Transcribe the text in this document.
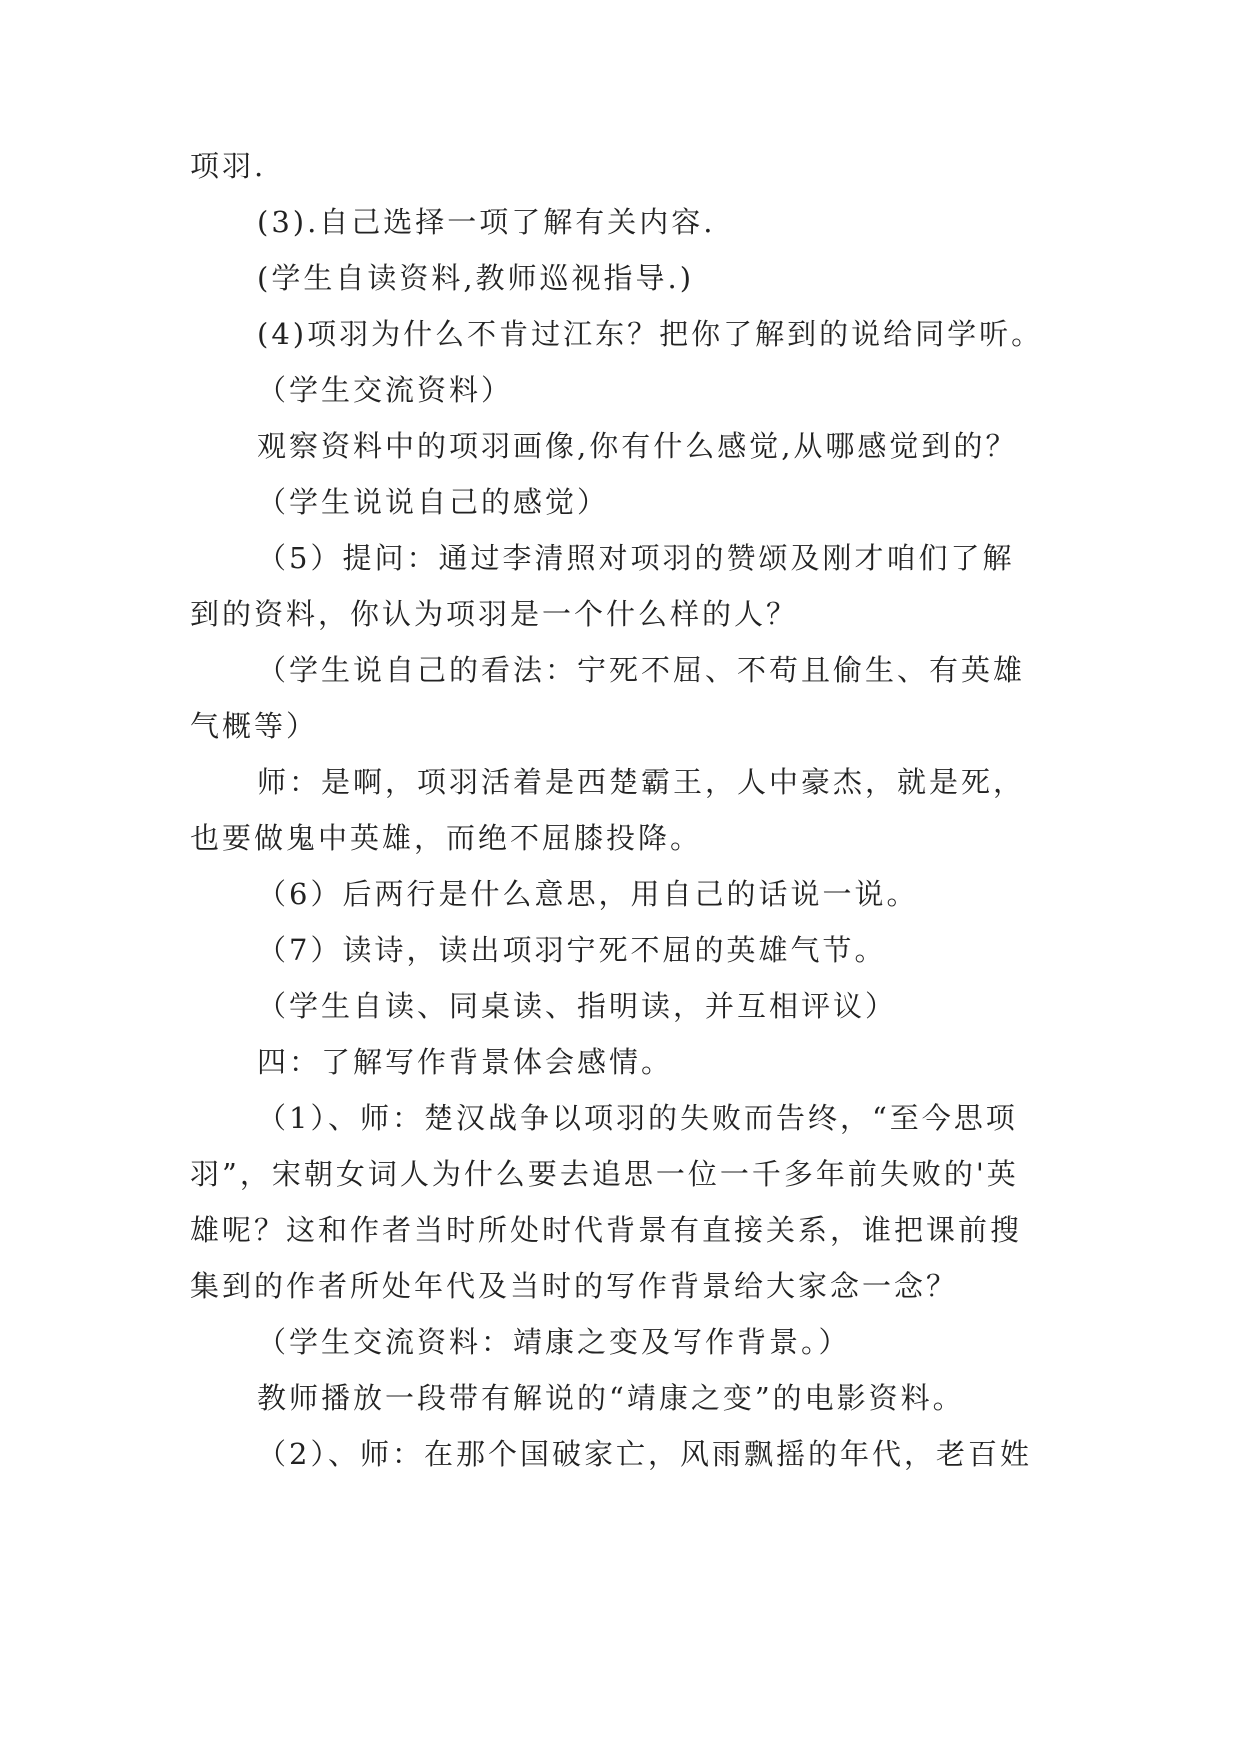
项羽.
(3).自己选择一项了解有关内容.
(学生自读资料,教师巡视指导.)
(4)项羽为什么不肯过江东？把你了解到的说给同学听。
（学生交流资料）
观察资料中的项羽画像,你有什么感觉,从哪感觉到的？
（学生说说自己的感觉）
（5）提问：通过李清照对项羽的赞颂及刚才咱们了解
到的资料，你认为项羽是一个什么样的人？
（学生说自己的看法：宁死不屈、不苟且偷生、有英雄
气概等）
师：是啊，项羽活着是西楚霸王，人中豪杰，就是死，
也要做鬼中英雄，而绝不屈膝投降。
（6）后两行是什么意思，用自己的话说一说。
（7）读诗，读出项羽宁死不屈的英雄气节。
（学生自读、同桌读、指明读，并互相评议）
四：了解写作背景体会感情。
（1）、师：楚汉战争以项羽的失败而告终，“至今思项
羽”，宋朝女词人为什么要去追思一位一千多年前失败的'英
雄呢？这和作者当时所处时代背景有直接关系，谁把课前搜
集到的作者所处年代及当时的写作背景给大家念一念？
（学生交流资料：靖康之变及写作背景。）
教师播放一段带有解说的“靖康之变”的电影资料。
（2）、师：在那个国破家亡，风雨飘摇的年代，老百姓
